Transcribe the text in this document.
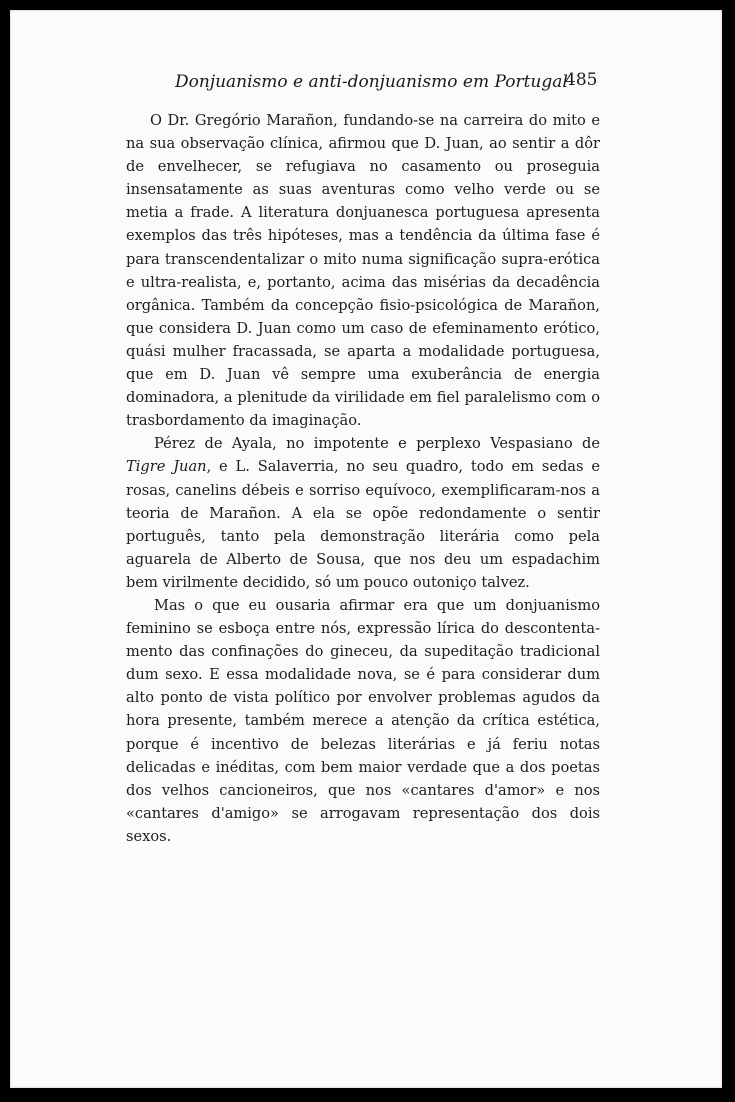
Donjuanismo e anti-donjuanismo em Portugal
485

O Dr. Gregório Marañon, fundando-se na carreira do mito e na sua observação clínica, afirmou que D. Juan, ao sentir a dôr de envelhecer, se refugiava no casamento ou proseguia insensatamente as suas aventuras como velho verde ou se metia a frade. A literatura donjuanesca portuguesa apresenta exemplos das três hipóteses, mas a tendência da última fase é para transcendentalizar o mito numa significação supra-erótica e ultra-realista, e, portanto, acima das misérias da decadência orgânica. Também da concepção fisio-psicológica de Marañon, que considera D. Juan como um caso de efeminamento erótico, quási mulher fracassada, se aparta a modalidade portuguesa, que em D. Juan vê sempre uma exuberância de energia dominadora, a plenitude da virilidade em fiel paralelismo com o trasbordamento da imaginação.

Pérez de Ayala, no impotente e perplexo Vespasiano de Tigre Juan, e L. Salaverria, no seu quadro, todo em sedas e rosas, canelins débeis e sorriso equívoco, exemplificaram-nos a teoria de Marañon. A ela se opõe redondamente o sentir português, tanto pela demonstração literária como pela aguarela de Alberto de Sousa, que nos deu um espadachim bem virilmente decidido, só um pouco outoniço talvez.

Mas o que eu ousaria afirmar era que um donjuanismo feminino se esboça entre nós, expressão lírica do descontentamento das confinações do gineceu, da supeditação tradicional dum sexo. E essa modalidade nova, se é para considerar dum alto ponto de vista político por envolver problemas agudos da hora presente, também merece a atenção da crítica estética, porque é incentivo de belezas literárias e já feriu notas delicadas e inéditas, com bem maior verdade que a dos poetas dos velhos cancioneiros, que nos «cantares d'amor» e nos «cantares d'amigo» se arrogavam representação dos dois sexos.
